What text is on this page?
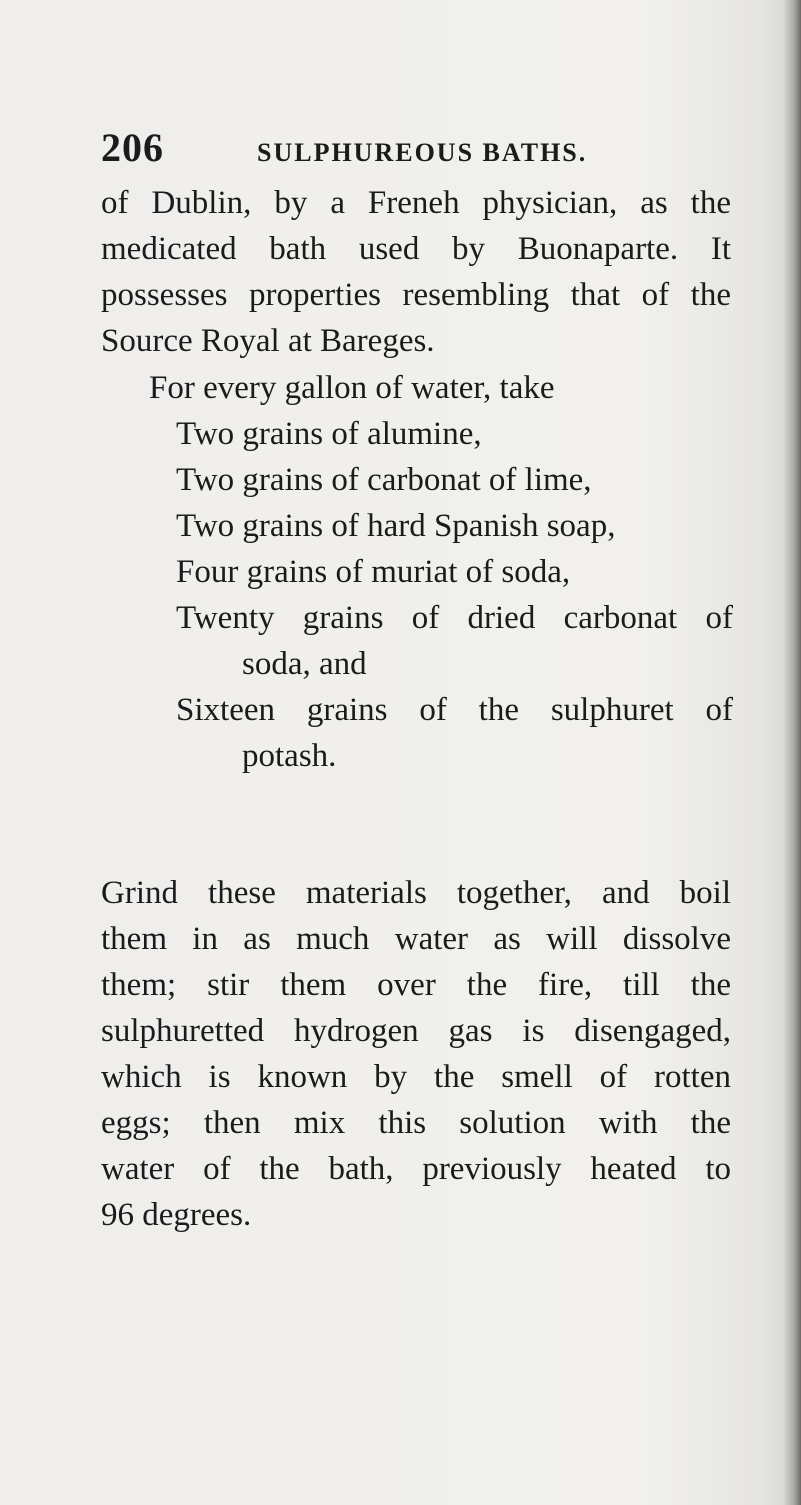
206	SULPHUREOUS BATHS.
of Dublin, by a Freneh physician, as the
medicated bath used by Buonaparte. It
possesses properties resembling that of the
Source Royal at Bareges.
For every gallon of water, take
Two grains of alumine,
Two grains of carbonat of lime,
Two grains of hard Spanish soap,
Four grains of muriat of soda,
Twenty grains of dried carbonat of
soda, and
Sixteen grains of the sulphuret of
potash.
Grind these materials together, and boil
them in as much water as will dissolve
them; stir them over the fire, till the
sulphuretted hydrogen gas is disengaged,
which is known by the smell of rotten
eggs; then mix this solution with the
water of the bath, previously heated to
96 degrees.
